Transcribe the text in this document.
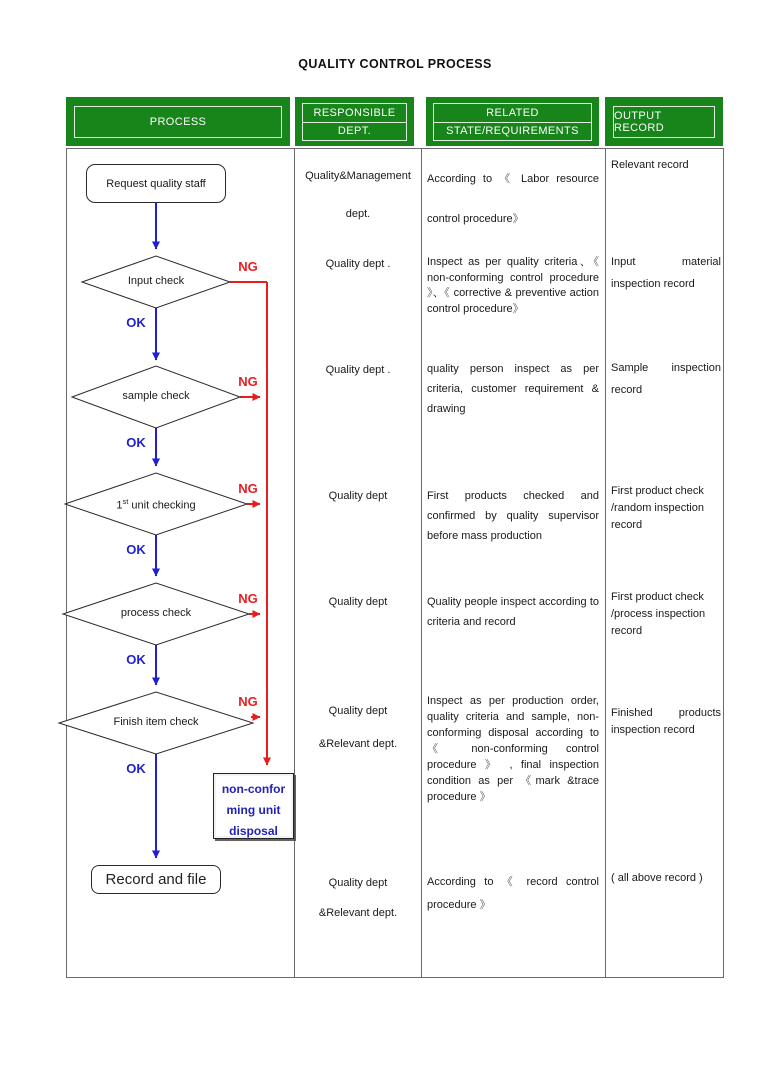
QUALITY CONTROL PROCESS
PROCESS
RESPONSIBLE
DEPT.
RELATED
STATE/REQUIREMENTS
OUTPUT RECORD
Request quality staff
Input check
sample check
1st unit checking
process check
Finish item check
OK
OK
OK
OK
OK
NG
NG
NG
NG
NG
non-confor
ming unit
disposal
Record and file
Quality&Management
dept.
Quality dept .
Quality dept .
Quality dept
Quality dept
Quality dept
&Relevant dept.
Quality dept
&Relevant dept.
According to 《 Labor resource control procedure》
Inspect as per quality criteria、《 non-conforming control procedure 》、《 corrective & preventive action control procedure》
quality person inspect as per criteria, customer requirement & drawing
First products checked and confirmed by quality supervisor before mass production
Quality people inspect according to criteria and record
Inspect as per production order, quality criteria and sample, non-conforming disposal according to 《 non-conforming control procedure 》 , final inspection condition as per 《mark &trace procedure 》
According to 《 record control procedure 》
Relevant record
Input material
inspection record
Sample inspection
record
First product check
/random inspection
record
First product check
/process inspection
record
Finished products
inspection record
( all above record )
